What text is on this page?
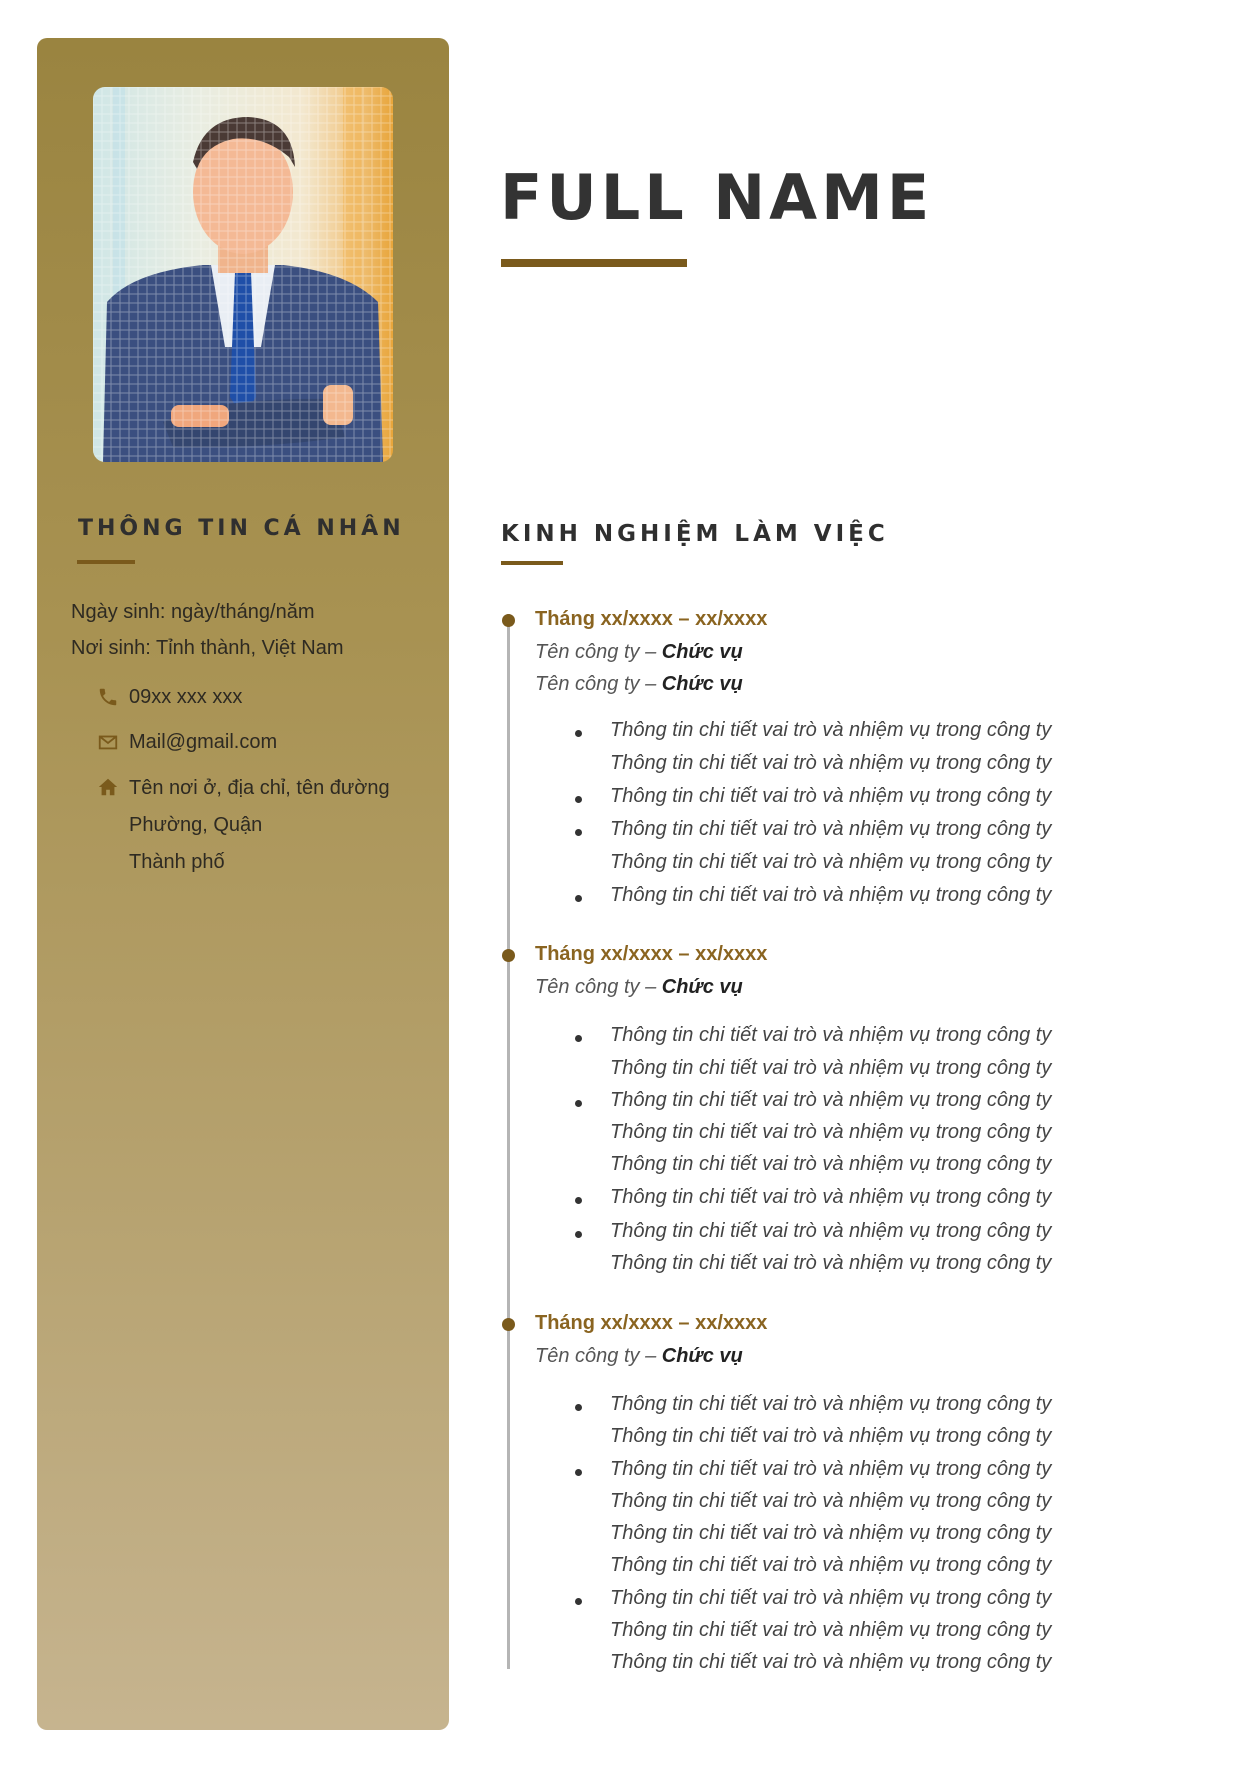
THÔNG TIN CÁ NHÂN
Ngày sinh: ngày/tháng/năm
Nơi sinh: Tỉnh thành, Việt Nam
09xx xxx xxx
Mail@gmail.com
Tên nơi ở, địa chỉ, tên đường
Phường, Quận
Thành phố
FULL NAME
KINH NGHIỆM LÀM VIỆC
Tháng xx/xxxx – xx/xxxx
Tên công ty – Chức vụ
Tên công ty – Chức vụ
Thông tin chi tiết vai trò và nhiệm vụ trong công ty
Thông tin chi tiết vai trò và nhiệm vụ trong công ty
Thông tin chi tiết vai trò và nhiệm vụ trong công ty
Thông tin chi tiết vai trò và nhiệm vụ trong công ty
Thông tin chi tiết vai trò và nhiệm vụ trong công ty
Thông tin chi tiết vai trò và nhiệm vụ trong công ty
Tháng xx/xxxx – xx/xxxx
Tên công ty – Chức vụ
Thông tin chi tiết vai trò và nhiệm vụ trong công ty
Thông tin chi tiết vai trò và nhiệm vụ trong công ty
Thông tin chi tiết vai trò và nhiệm vụ trong công ty
Thông tin chi tiết vai trò và nhiệm vụ trong công ty
Thông tin chi tiết vai trò và nhiệm vụ trong công ty
Thông tin chi tiết vai trò và nhiệm vụ trong công ty
Thông tin chi tiết vai trò và nhiệm vụ trong công ty
Thông tin chi tiết vai trò và nhiệm vụ trong công ty
Tháng xx/xxxx – xx/xxxx
Tên công ty – Chức vụ
Thông tin chi tiết vai trò và nhiệm vụ trong công ty
Thông tin chi tiết vai trò và nhiệm vụ trong công ty
Thông tin chi tiết vai trò và nhiệm vụ trong công ty
Thông tin chi tiết vai trò và nhiệm vụ trong công ty
Thông tin chi tiết vai trò và nhiệm vụ trong công ty
Thông tin chi tiết vai trò và nhiệm vụ trong công ty
Thông tin chi tiết vai trò và nhiệm vụ trong công ty
Thông tin chi tiết vai trò và nhiệm vụ trong công ty
Thông tin chi tiết vai trò và nhiệm vụ trong công ty
